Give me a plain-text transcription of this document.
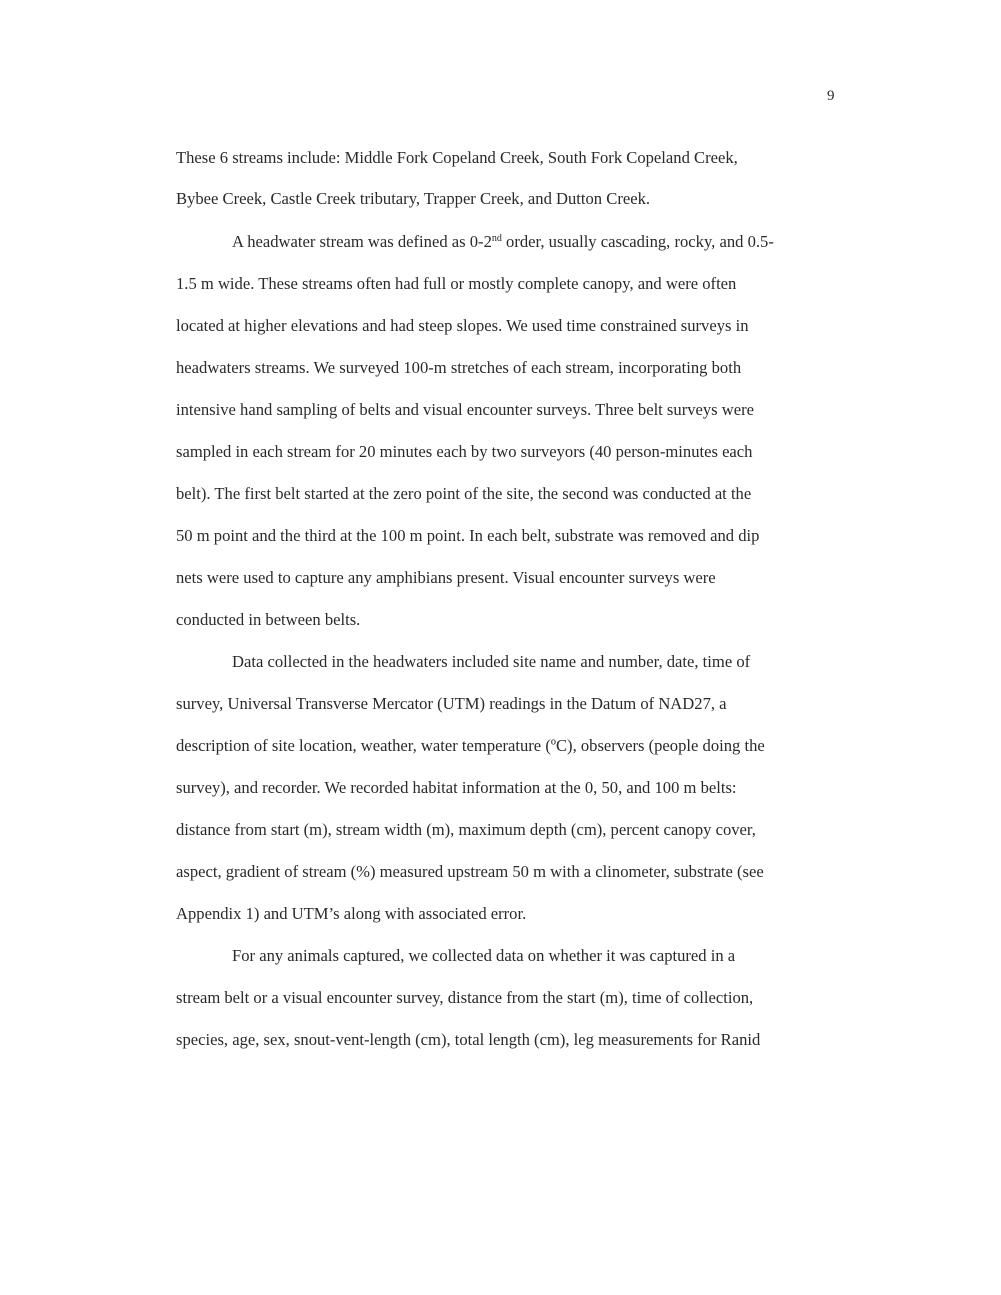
9
These 6 streams include: Middle Fork Copeland Creek, South Fork Copeland Creek,
Bybee Creek, Castle Creek tributary, Trapper Creek, and Dutton Creek.
A headwater stream was defined as 0-2nd order, usually cascading, rocky, and 0.5-
1.5 m wide. These streams often had full or mostly complete canopy, and were often
located at higher elevations and had steep slopes. We used time constrained surveys in
headwaters streams. We surveyed 100-m stretches of each stream, incorporating both
intensive hand sampling of belts and visual encounter surveys. Three belt surveys were
sampled in each stream for 20 minutes each by two surveyors (40 person-minutes each
belt). The first belt started at the zero point of the site, the second was conducted at the
50 m point and the third at the 100 m point. In each belt, substrate was removed and dip
nets were used to capture any amphibians present. Visual encounter surveys were
conducted in between belts.
Data collected in the headwaters included site name and number, date, time of
survey, Universal Transverse Mercator (UTM) readings in the Datum of NAD27, a
description of site location, weather, water temperature (ºC), observers (people doing the
survey), and recorder. We recorded habitat information at the 0, 50, and 100 m belts:
distance from start (m), stream width (m), maximum depth (cm), percent canopy cover,
aspect, gradient of stream (%) measured upstream 50 m with a clinometer, substrate (see
Appendix 1) and UTM’s along with associated error.
For any animals captured, we collected data on whether it was captured in a
stream belt or a visual encounter survey, distance from the start (m), time of collection,
species, age, sex, snout-vent-length (cm), total length (cm), leg measurements for Ranid
